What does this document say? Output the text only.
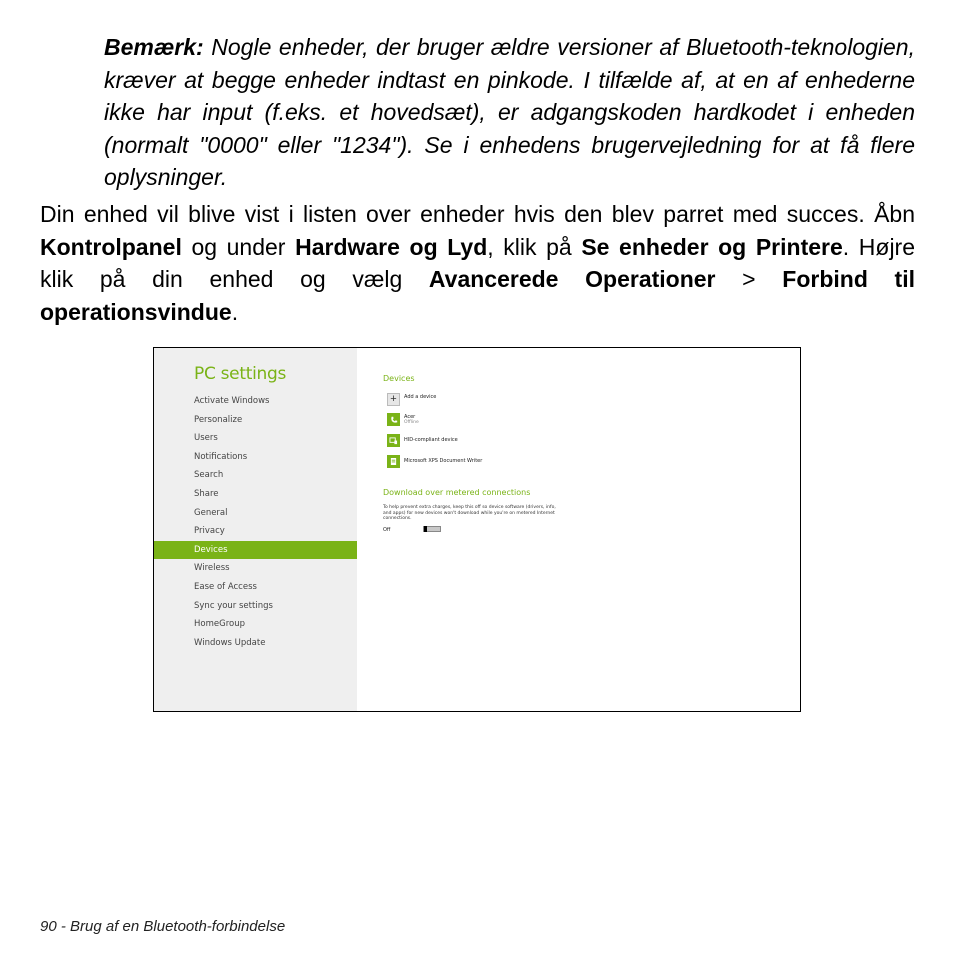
Bemærk: Nogle enheder, der bruger ældre versioner af Bluetooth-teknologien, kræver at begge enheder indtast en pinkode. I tilfælde af, at en af enhederne ikke har input (f.eks. et hovedsæt), er adgangskoden hardkodet i enheden (normalt "0000" eller "1234"). Se i enhedens brugervejledning for at få flere oplysninger.

Din enhed vil blive vist i listen over enheder hvis den blev parret med succes. Åbn Kontrolpanel og under Hardware og Lyd, klik på Se enheder og Printere. Højre klik på din enhed og vælg Avancerede Operationer > Forbind til operationsvindue.

PC settings
Activate Windows
Personalize
Users
Notifications
Search
Share
General
Privacy
Devices
Wireless
Ease of Access
Sync your settings
HomeGroup
Windows Update
Devices
+	Add a device
Acer
Offline
HID-compliant device
Microsoft XPS Document Writer
Download over metered connections

To help prevent extra charges, keep this off so device software (drivers, info, and apps) for new devices won't download while you're on metered Internet connections.

Off

90 - Brug af en Bluetooth-forbindelse
